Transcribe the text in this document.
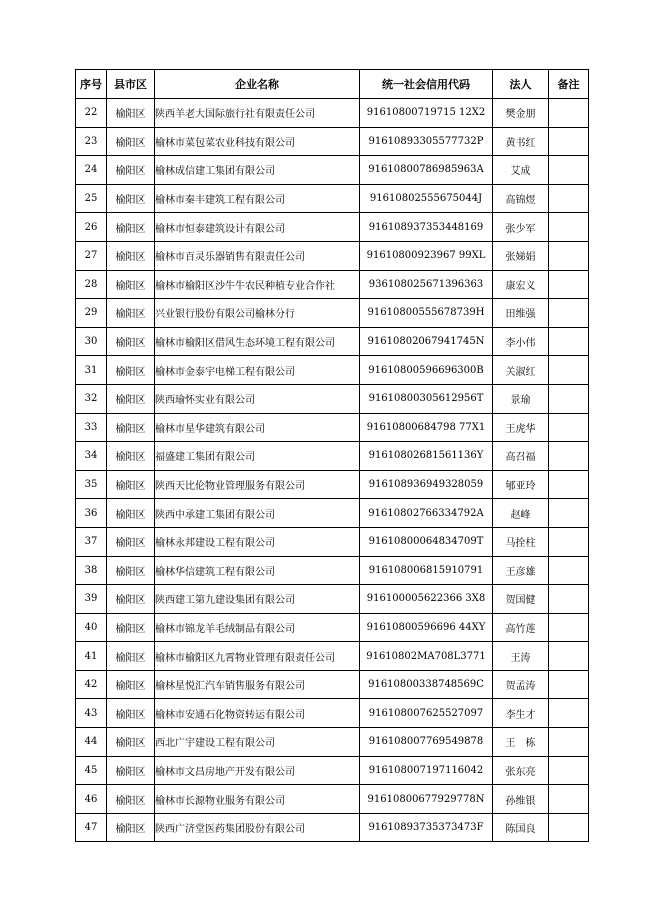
序号	县市区	企业名称	统一社会信用代码	法人	备注
22	榆阳区	陕西羊老大国际旅行社有限责任公司	91610800719715 12X2	樊金朋	
23	榆阳区	榆林市菜包菜农业科技有限公司	91610893305577732P	黄书红	
24	榆阳区	榆林成信建工集团有限公司	91610800786985963A	艾成	
25	榆阳区	榆林市秦丰建筑工程有限公司	91610802555675044J	高锦煜	
26	榆阳区	榆林市恒泰建筑设计有限公司	916108937353448169	张少军	
27	榆阳区	榆林市百灵乐器销售有限责任公司	91610800923967 99XL	张娣娟	
28	榆阳区	榆林市榆阳区沙牛牛农民种植专业合作社	936108025671396363	康宏义	
29	榆阳区	兴业银行股份有限公司榆林分行	91610800555678739H	田维强	
30	榆阳区	榆林市榆阳区借风生态环境工程有限公司	91610802067941745N	李小伟	
31	榆阳区	榆林市金泰宇电梯工程有限公司	91610800596696300B	关淑红	
32	榆阳区	陕西瑜怀实业有限公司	91610800305612956T	景瑜	
33	榆阳区	榆林市星华建筑有限公司	91610800684798 77X1	王虎华	
34	榆阳区	福盛建工集团有限公司	91610802681561136Y	高召福	
35	榆阳区	陕西天比伦物业管理服务有限公司	916108936949328059	郇亚玲	
36	榆阳区	陕西中承建工集团有限公司	91610802766334792A	赵峰	
37	榆阳区	榆林永邦建设工程有限公司	91610800064834709T	马拴柱	
38	榆阳区	榆林华信建筑工程有限公司	916108006815910791	王彦雄	
39	榆阳区	陕西建工第九建设集团有限公司	916100005622366 3X8	贺国健	
40	榆阳区	榆林市锦龙羊毛绒制品有限公司	91610800596696 44XY	高竹莲	
41	榆阳区	榆林市榆阳区九霄物业管理有限责任公司	91610802MA708L3771	王涛	
42	榆阳区	榆林星悦汇汽车销售服务有限公司	91610800338748569C	贺孟涛	
43	榆阳区	榆林市安通石化物资转运有限公司	916108007625527097	李生才	
44	榆阳区	西北广宇建设工程有限公司	916108007769549878	王　栋	
45	榆阳区	榆林市文昌房地产开发有限公司	916108007197116042	张东亮	
46	榆阳区	榆林市长源物业服务有限公司	91610800677929778N	孙维银	
47	榆阳区	陕西广济堂医药集团股份有限公司	91610893735373473F	陈国良	
